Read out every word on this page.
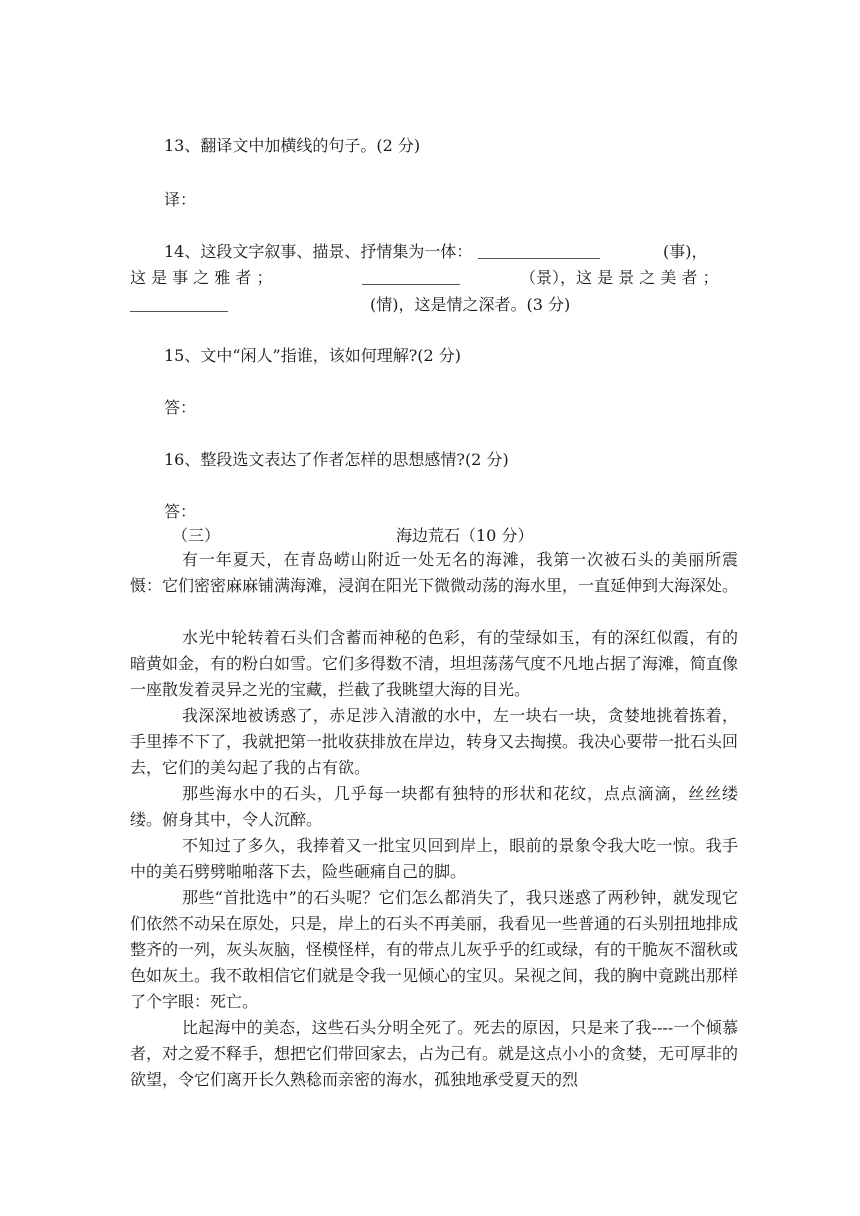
13、翻译文中加横线的句子。(2 分)
译：
14、这段文字叙事、描景、抒情集为一体：	(事)，
这 是 事 之 雅 者 ；	（景），这 是 景 之 美 者 ；
(情)，这是情之深者。(3 分)
15、文中“闲人”指谁，该如何理解?(2 分)
答：
16、整段选文表达了作者怎样的思想感情?(2 分)
答：
（三）	海边荒石（10 分）

有一年夏天，在青岛崂山附近一处无名的海滩，我第一次被石头的美丽所震慑：它们密密麻麻铺满海滩，浸润在阳光下微微动荡的海水里，一直延伸到大海深处。

水光中轮转着石头们含蓄而神秘的色彩，有的莹绿如玉，有的深红似霞，有的暗黄如金，有的粉白如雪。它们多得数不清，坦坦荡荡气度不凡地占据了海滩，简直像一座散发着灵异之光的宝藏，拦截了我眺望大海的目光。

我深深地被诱惑了，赤足涉入清澈的水中，左一块右一块，贪婪地挑着拣着，手里捧不下了，我就把第一批收获排放在岸边，转身又去掏摸。我决心要带一批石头回去，它们的美勾起了我的占有欲。

那些海水中的石头，几乎每一块都有独特的形状和花纹，点点滴滴，丝丝缕缕。俯身其中，令人沉醉。

不知过了多久，我捧着又一批宝贝回到岸上，眼前的景象令我大吃一惊。我手中的美石劈劈啪啪落下去，险些砸痛自己的脚。

那些“首批选中”的石头呢？它们怎么都消失了，我只迷惑了两秒钟，就发现它们依然不动呆在原处，只是，岸上的石头不再美丽，我看见一些普通的石头别扭地排成整齐的一列，灰头灰脑，怪模怪样，有的带点儿灰乎乎的红或绿，有的干脆灰不溜秋或色如灰土。我不敢相信它们就是令我一见倾心的宝贝。呆视之间，我的胸中竟跳出那样了个字眼：死亡。

比起海中的美态，这些石头分明全死了。死去的原因，只是来了我----一个倾慕者，对之爱不释手，想把它们带回家去，占为己有。就是这点小小的贪婪，无可厚非的欲望，令它们离开长久熟稔而亲密的海水，孤独地承受夏天的烈
